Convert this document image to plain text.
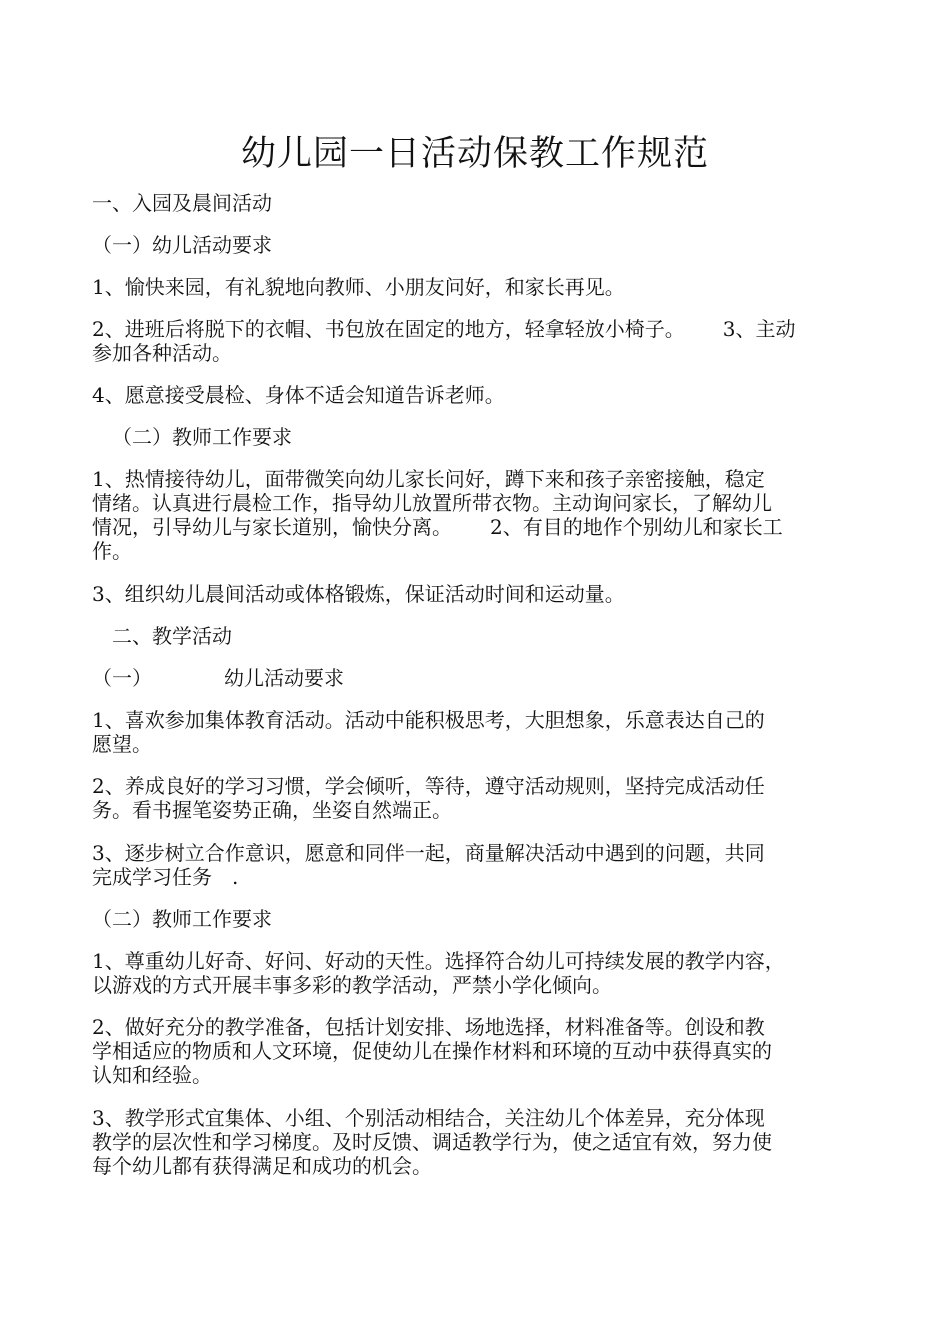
幼儿园一日活动保教工作规范
一、入园及晨间活动
（一）幼儿活动要求
1、愉快来园，有礼貌地向教师、小朋友问好，和家长再见。
2、进班后将脱下的衣帽、书包放在固定的地方，轻拿轻放小椅子。 3、主动
参加各种活动。
4、愿意接受晨检、身体不适会知道告诉老师。
（二）教师工作要求
1、热情接待幼儿，面带微笑向幼儿家长问好，蹲下来和孩子亲密接触，稳定
情绪。认真进行晨检工作，指导幼儿放置所带衣物。主动询问家长，了解幼儿
情况，引导幼儿与家长道别，愉快分离。 2、有目的地作个别幼儿和家长工
作。
3、组织幼儿晨间活动或体格锻炼，保证活动时间和运动量。
二、教学活动
（一）	幼儿活动要求
1、喜欢参加集体教育活动。活动中能积极思考，大胆想象，乐意表达自己的
愿望。
2、养成良好的学习习惯，学会倾听，等待，遵守活动规则，坚持完成活动任
务。看书握笔姿势正确，坐姿自然端正。
3、逐步树立合作意识，愿意和同伴一起，商量解决活动中遇到的问题，共同
完成学习任务 .
（二）教师工作要求
1、尊重幼儿好奇、好问、好动的天性。选择符合幼儿可持续发展的教学内容，
以游戏的方式开展丰事多彩的教学活动，严禁小学化倾向。
2、做好充分的教学准备，包括计划安排、场地选择，材料准备等。创设和教
学相适应的物质和人文环境，促使幼儿在操作材料和环境的互动中获得真实的
认知和经验。
3、教学形式宜集体、小组、个别活动相结合，关注幼儿个体差异，充分体现
教学的层次性和学习梯度。及时反馈、调适教学行为，使之适宜有效，努力使
每个幼儿都有获得满足和成功的机会。
